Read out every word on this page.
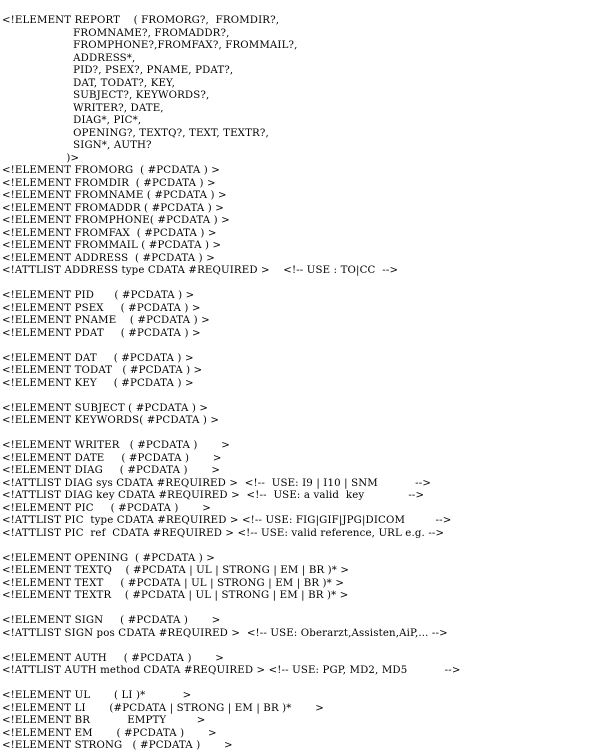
<!ELEMENT REPORT    ( FROMORG?,  FROMDIR?,
FROMNAME?, FROMADDR?,
FROMPHONE?,FROMFAX?, FROMMAIL?,
ADDRESS*,
PID?, PSEX?, PNAME, PDAT?,
DAT, TODAT?, KEY,
SUBJECT?, KEYWORDS?,
WRITER?, DATE,
DIAG*, PIC*,
OPENING?, TEXTQ?, TEXT, TEXTR?,
SIGN*, AUTH?
)>
<!ELEMENT FROMORG  ( #PCDATA ) >
<!ELEMENT FROMDIR  ( #PCDATA ) >
<!ELEMENT FROMNAME ( #PCDATA ) >
<!ELEMENT FROMADDR ( #PCDATA ) >
<!ELEMENT FROMPHONE( #PCDATA ) >
<!ELEMENT FROMFAX  ( #PCDATA ) >
<!ELEMENT FROMMAIL ( #PCDATA ) >
<!ELEMENT ADDRESS  ( #PCDATA ) >
<!ATTLIST ADDRESS type CDATA #REQUIRED >    <!-- USE : TO|CC  -->
<!ELEMENT PID      ( #PCDATA ) >
<!ELEMENT PSEX     ( #PCDATA ) >
<!ELEMENT PNAME    ( #PCDATA ) >
<!ELEMENT PDAT     ( #PCDATA ) >
<!ELEMENT DAT     ( #PCDATA ) >
<!ELEMENT TODAT   ( #PCDATA ) >
<!ELEMENT KEY     ( #PCDATA ) >
<!ELEMENT SUBJECT ( #PCDATA ) >
<!ELEMENT KEYWORDS( #PCDATA ) >
<!ELEMENT WRITER   ( #PCDATA )       >
<!ELEMENT DATE     ( #PCDATA )       >
<!ELEMENT DIAG     ( #PCDATA )       >
<!ATTLIST DIAG sys CDATA #REQUIRED >  <!--  USE: I9 | I10 | SNM           -->
<!ATTLIST DIAG key CDATA #REQUIRED >  <!--  USE: a valid  key             -->
<!ELEMENT PIC     ( #PCDATA )       >
<!ATTLIST PIC  type CDATA #REQUIRED > <!-- USE: FIG|GIF|JPG|DICOM         -->
<!ATTLIST PIC  ref  CDATA #REQUIRED > <!-- USE: valid reference, URL e.g. -->
<!ELEMENT OPENING  ( #PCDATA ) >
<!ELEMENT TEXTQ    ( #PCDATA | UL | STRONG | EM | BR )* >
<!ELEMENT TEXT     ( #PCDATA | UL | STRONG | EM | BR )* >
<!ELEMENT TEXTR    ( #PCDATA | UL | STRONG | EM | BR )* >
<!ELEMENT SIGN     ( #PCDATA )       >
<!ATTLIST SIGN pos CDATA #REQUIRED >  <!-- USE: Oberarzt,Assisten,AiP,... -->
<!ELEMENT AUTH     ( #PCDATA )       >
<!ATTLIST AUTH method CDATA #REQUIRED > <!-- USE: PGP, MD2, MD5           -->
<!ELEMENT UL       ( LI )*           >
<!ELEMENT LI       (#PCDATA | STRONG | EM | BR )*       >
<!ELEMENT BR           EMPTY         >
<!ELEMENT EM       ( #PCDATA )       >
<!ELEMENT STRONG   ( #PCDATA )       >
